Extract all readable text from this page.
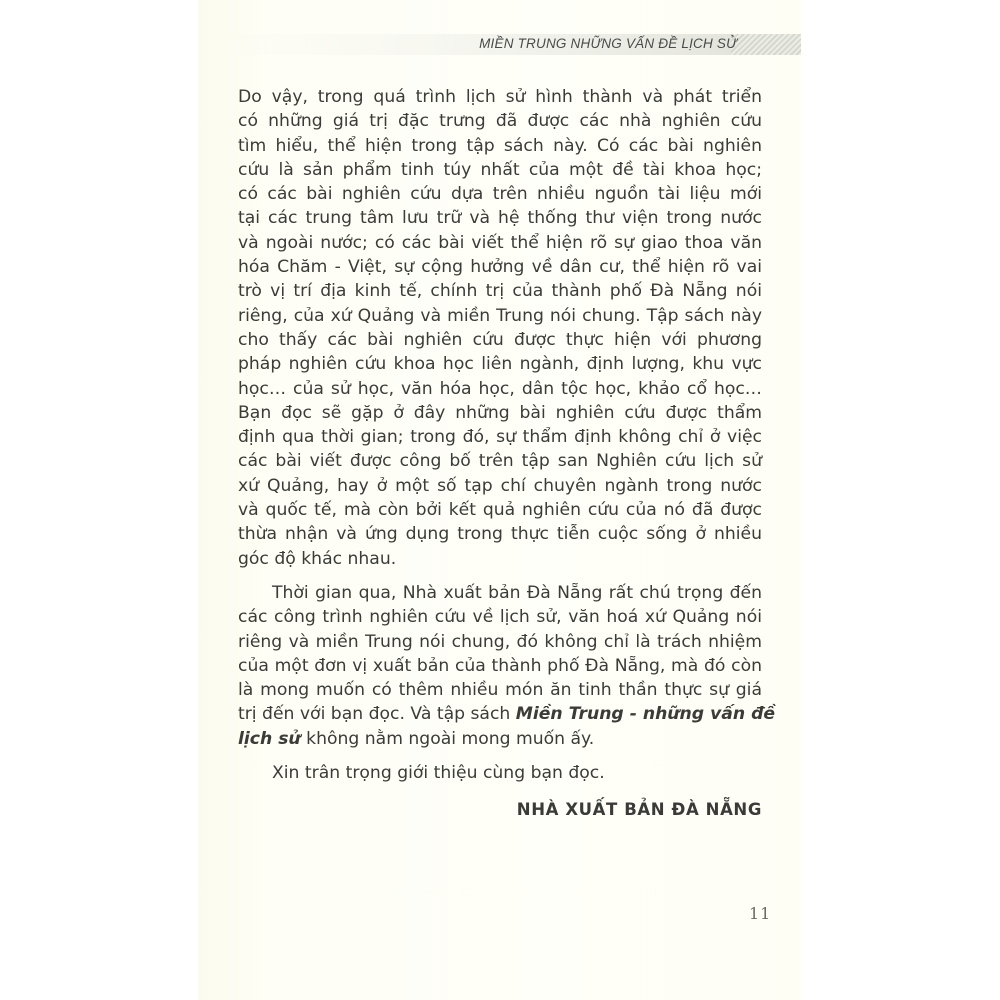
MIỀN TRUNG NHỮNG VẤN ĐỀ LỊCH SỬ
Do vậy, trong quá trình lịch sử hình thành và phát triển
có những giá trị đặc trưng đã được các nhà nghiên cứu
tìm hiểu, thể hiện trong tập sách này. Có các bài nghiên
cứu là sản phẩm tinh túy nhất của một đề tài khoa học;
có các bài nghiên cứu dựa trên nhiều nguồn tài liệu mới
tại các trung tâm lưu trữ và hệ thống thư viện trong nước
và ngoài nước; có các bài viết thể hiện rõ sự giao thoa văn
hóa Chăm - Việt, sự cộng hưởng về dân cư, thể hiện rõ vai
trò vị trí địa kinh tế, chính trị của thành phố Đà Nẵng nói
riêng, của xứ Quảng và miền Trung nói chung. Tập sách này
cho thấy các bài nghiên cứu được thực hiện với phương
pháp nghiên cứu khoa học liên ngành, định lượng, khu vực
học… của sử học, văn hóa học, dân tộc học, khảo cổ học…
Bạn đọc sẽ gặp ở đây những bài nghiên cứu được thẩm
định qua thời gian; trong đó, sự thẩm định không chỉ ở việc
các bài viết được công bố trên tập san Nghiên cứu lịch sử
xứ Quảng, hay ở một số tạp chí chuyên ngành trong nước
và quốc tế, mà còn bởi kết quả nghiên cứu của nó đã được
thừa nhận và ứng dụng trong thực tiễn cuộc sống ở nhiều
góc độ khác nhau.
Thời gian qua, Nhà xuất bản Đà Nẵng rất chú trọng đến
các công trình nghiên cứu về lịch sử, văn hoá xứ Quảng nói
riêng và miền Trung nói chung, đó không chỉ là trách nhiệm
của một đơn vị xuất bản của thành phố Đà Nẵng, mà đó còn
là mong muốn có thêm nhiều món ăn tinh thần thực sự giá
trị đến với bạn đọc. Và tập sách Miền Trung - những vấn đề
lịch sử không nằm ngoài mong muốn ấy.
Xin trân trọng giới thiệu cùng bạn đọc.
NHÀ XUẤT BẢN ĐÀ NẴNG
11
